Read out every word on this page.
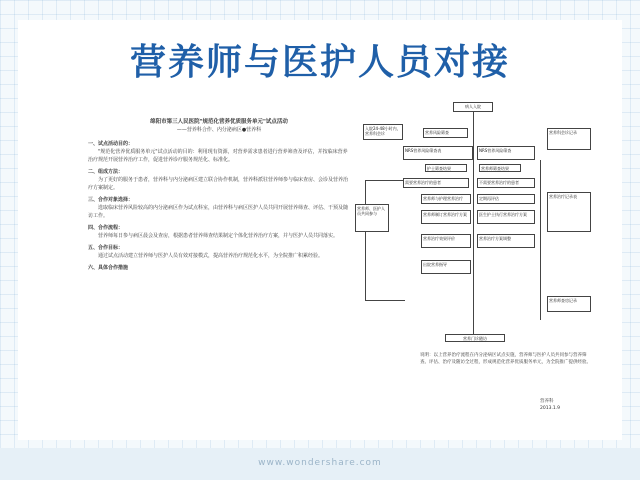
营养师与医护人员对接
绵阳市第三人民医院"规范化营养优质服务单元"试点活动
——营养科合作、内分泌病区●营养科
一、试点活动目的：

"规范化营养优质服务单元"试点活动的目的：利用现有资源，对营养需求患者进行营养筛查及评估，并按临床营养治疗规范开展营养治疗工作，促进营养诊疗服务规范化、标准化。

二、组成方法：

为了更好的服务于患者，营养科与内分泌病区建立联合协作机制，营养科派驻营养师参与临床查房、会诊及营养治疗方案制定。

三、合作对象选择：

选取临床营养风险较高的内分泌病区作为试点科室，由营养科与病区医护人员共同开展营养筛查、评估、干预及随访工作。

四、合作流程：

营养师每日参与病区晨会及查房，根据患者营养筛查结果制定个体化营养治疗方案，并与医护人员共同落实。

五、合作目标：

通过试点活动建立营养师与医护人员有效对接模式，提高营养治疗规范化水平，为全院推广积累经验。

六、具体合作措施
病人入院
入院24-48小时内，营养科会诊	营养风险筛查
NRS营养风险筛查表	NRS营养风险筛查
护士筛查结果	营养师筛查结果
需要营养治疗的患者	不需要营养治疗的患者
营养师与护理营养治疗	定期再评估
营养师制订营养治疗方案	医生护士执行营养治疗方案
营养治疗效果评价	营养治疗方案调整
出院营养指导
营养门诊随访
营养师、医护人员共同参与
营养科会诊记录
营养治疗记录表
营养师查房记录
说明：以上营养治疗流程在内分泌病区试点实施，营养师与医护人员共同参与营养筛查、评估、治疗及随访全过程，形成规范化营养优质服务单元，为全院推广提供经验。
营养科
2013.1.9
www.wondershare.com
